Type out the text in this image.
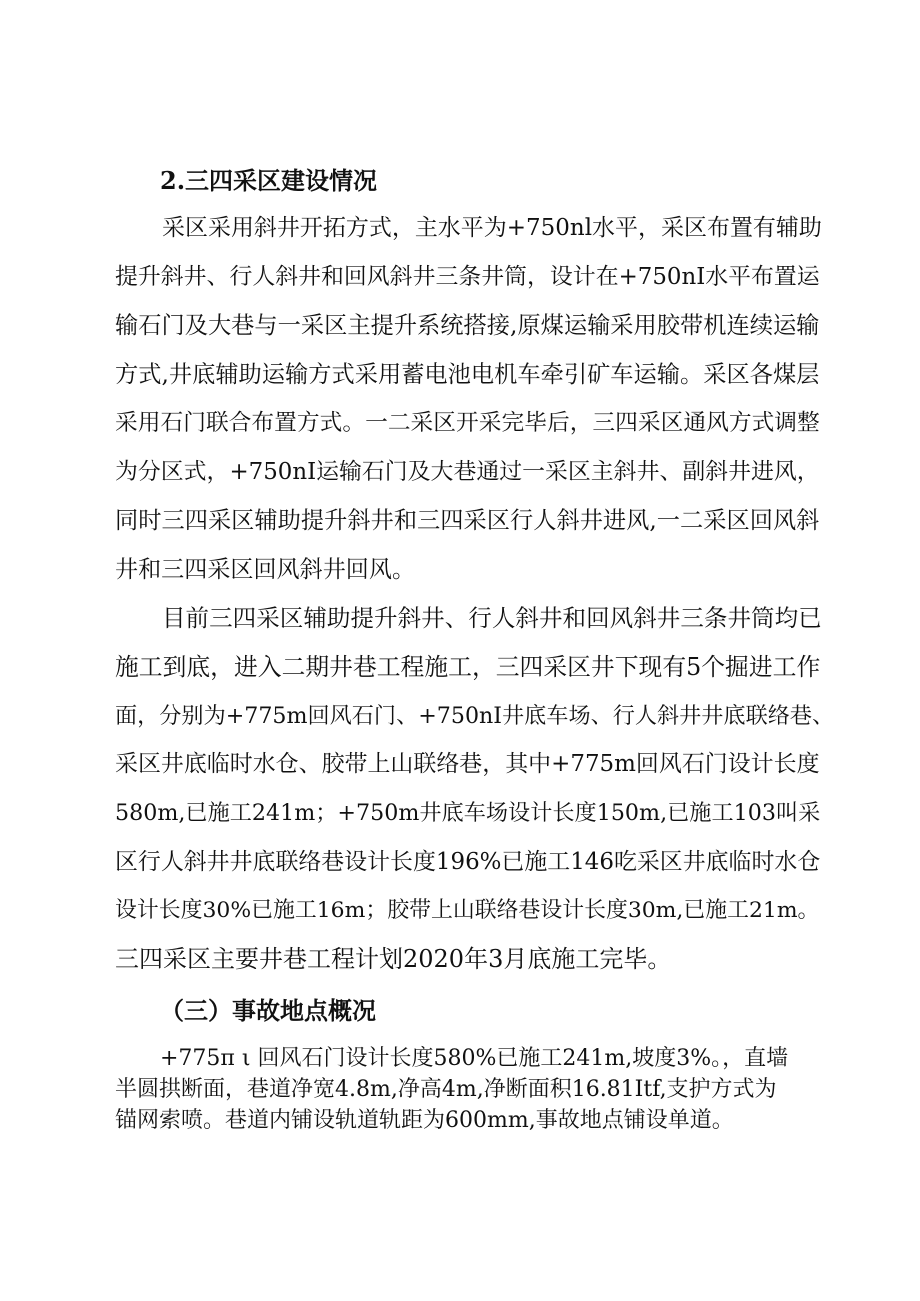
2.三四采区建设情况
采区采用斜井开拓方式，主水平为+750nl水平，采区布置有辅助
提升斜井、行人斜井和回风斜井三条井筒，设计在+750nI水平布置运
输石门及大巷与一采区主提升系统搭接,原煤运输采用胶带机连续运输
方式,井底辅助运输方式采用蓄电池电机车牵引矿车运输。采区各煤层
采用石门联合布置方式。一二采区开采完毕后，三四采区通风方式调整
为分区式，+750nI运输石门及大巷通过一采区主斜井、副斜井进风，
同时三四采区辅助提升斜井和三四采区行人斜井进风,一二采区回风斜
井和三四采区回风斜井回风。
目前三四采区辅助提升斜井、行人斜井和回风斜井三条井筒均已
施工到底，进入二期井巷工程施工，三四采区井下现有5个掘进工作
面，分别为+775m回风石门、+750nI井底车场、行人斜井井底联络巷、
采区井底临时水仓、胶带上山联络巷，其中+775m回风石门设计长度
580m,已施工241m；+750m井底车场设计长度150m,已施工103叫采
区行人斜井井底联络巷设计长度196%已施工146吃采区井底临时水仓
设计长度30%已施工16m；胶带上山联络巷设计长度30m,已施工21m。
三四采区主要井巷工程计划2020年3月底施工完毕。
（三）事故地点概况
+775π ι 回风石门设计长度580%已施工241m,坡度3%。，直墙
半圆拱断面，巷道净宽4.8m,净高4m,净断面积16.81Itf,支护方式为
锚网索喷。巷道内铺设轨道轨距为600mm,事故地点铺设单道。
